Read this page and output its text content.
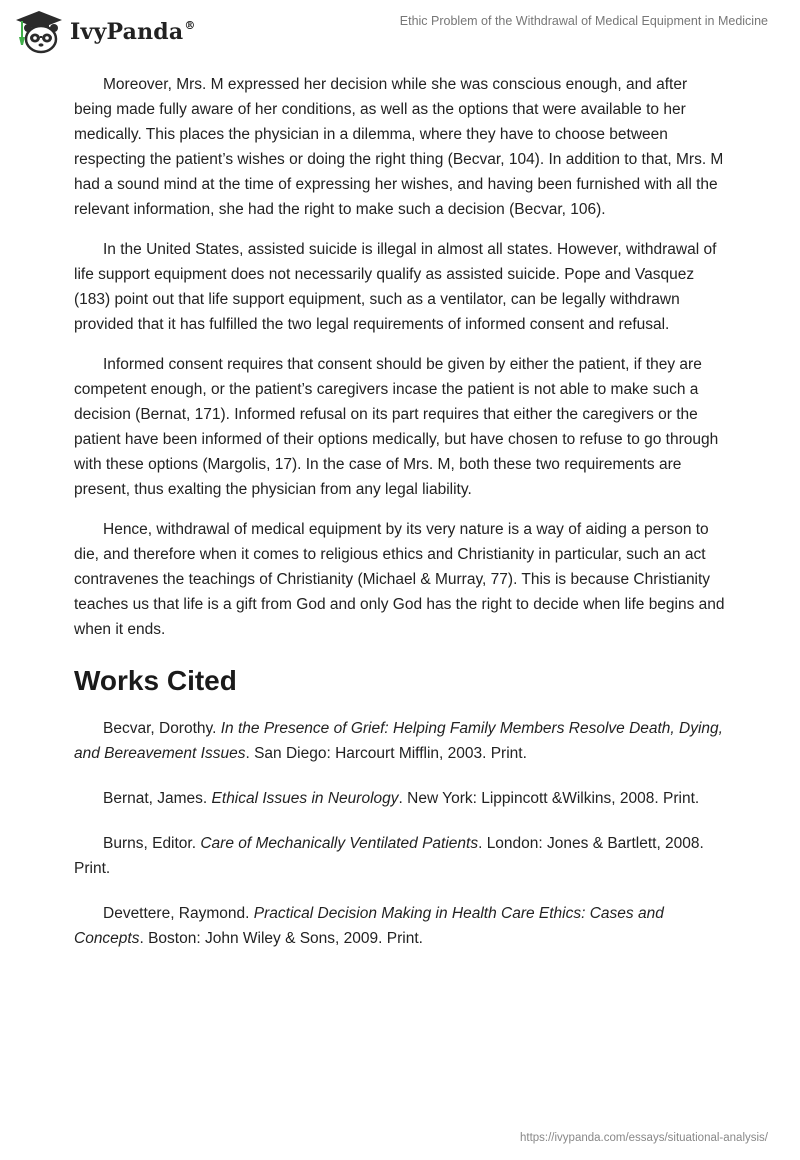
IvyPanda®	Ethic Problem of the Withdrawal of Medical Equipment in Medicine

Moreover, Mrs. M expressed her decision while she was conscious enough, and after being made fully aware of her conditions, as well as the options that were available to her medically. This places the physician in a dilemma, where they have to choose between respecting the patient’s wishes or doing the right thing (Becvar, 104). In addition to that, Mrs. M had a sound mind at the time of expressing her wishes, and having been furnished with all the relevant information, she had the right to make such a decision (Becvar, 106).

In the United States, assisted suicide is illegal in almost all states. However, withdrawal of life support equipment does not necessarily qualify as assisted suicide. Pope and Vasquez (183) point out that life support equipment, such as a ventilator, can be legally withdrawn provided that it has fulfilled the two legal requirements of informed consent and refusal.

Informed consent requires that consent should be given by either the patient, if they are competent enough, or the patient’s caregivers incase the patient is not able to make such a decision (Bernat, 171). Informed refusal on its part requires that either the caregivers or the patient have been informed of their options medically, but have chosen to refuse to go through with these options (Margolis, 17). In the case of Mrs. M, both these two requirements are present, thus exalting the physician from any legal liability.

Hence, withdrawal of medical equipment by its very nature is a way of aiding a person to die, and therefore when it comes to religious ethics and Christianity in particular, such an act contravenes the teachings of Christianity (Michael & Murray, 77). This is because Christianity teaches us that life is a gift from God and only God has the right to decide when life begins and when it ends.

Works Cited

Becvar, Dorothy. In the Presence of Grief: Helping Family Members Resolve Death, Dying, and Bereavement Issues. San Diego: Harcourt Mifflin, 2003. Print.

Bernat, James. Ethical Issues in Neurology. New York: Lippincott &Wilkins, 2008. Print.

Burns, Editor. Care of Mechanically Ventilated Patients. London: Jones & Bartlett, 2008. Print.

Devettere, Raymond. Practical Decision Making in Health Care Ethics: Cases and Concepts. Boston: John Wiley & Sons, 2009. Print.

https://ivypanda.com/essays/situational-analysis/
